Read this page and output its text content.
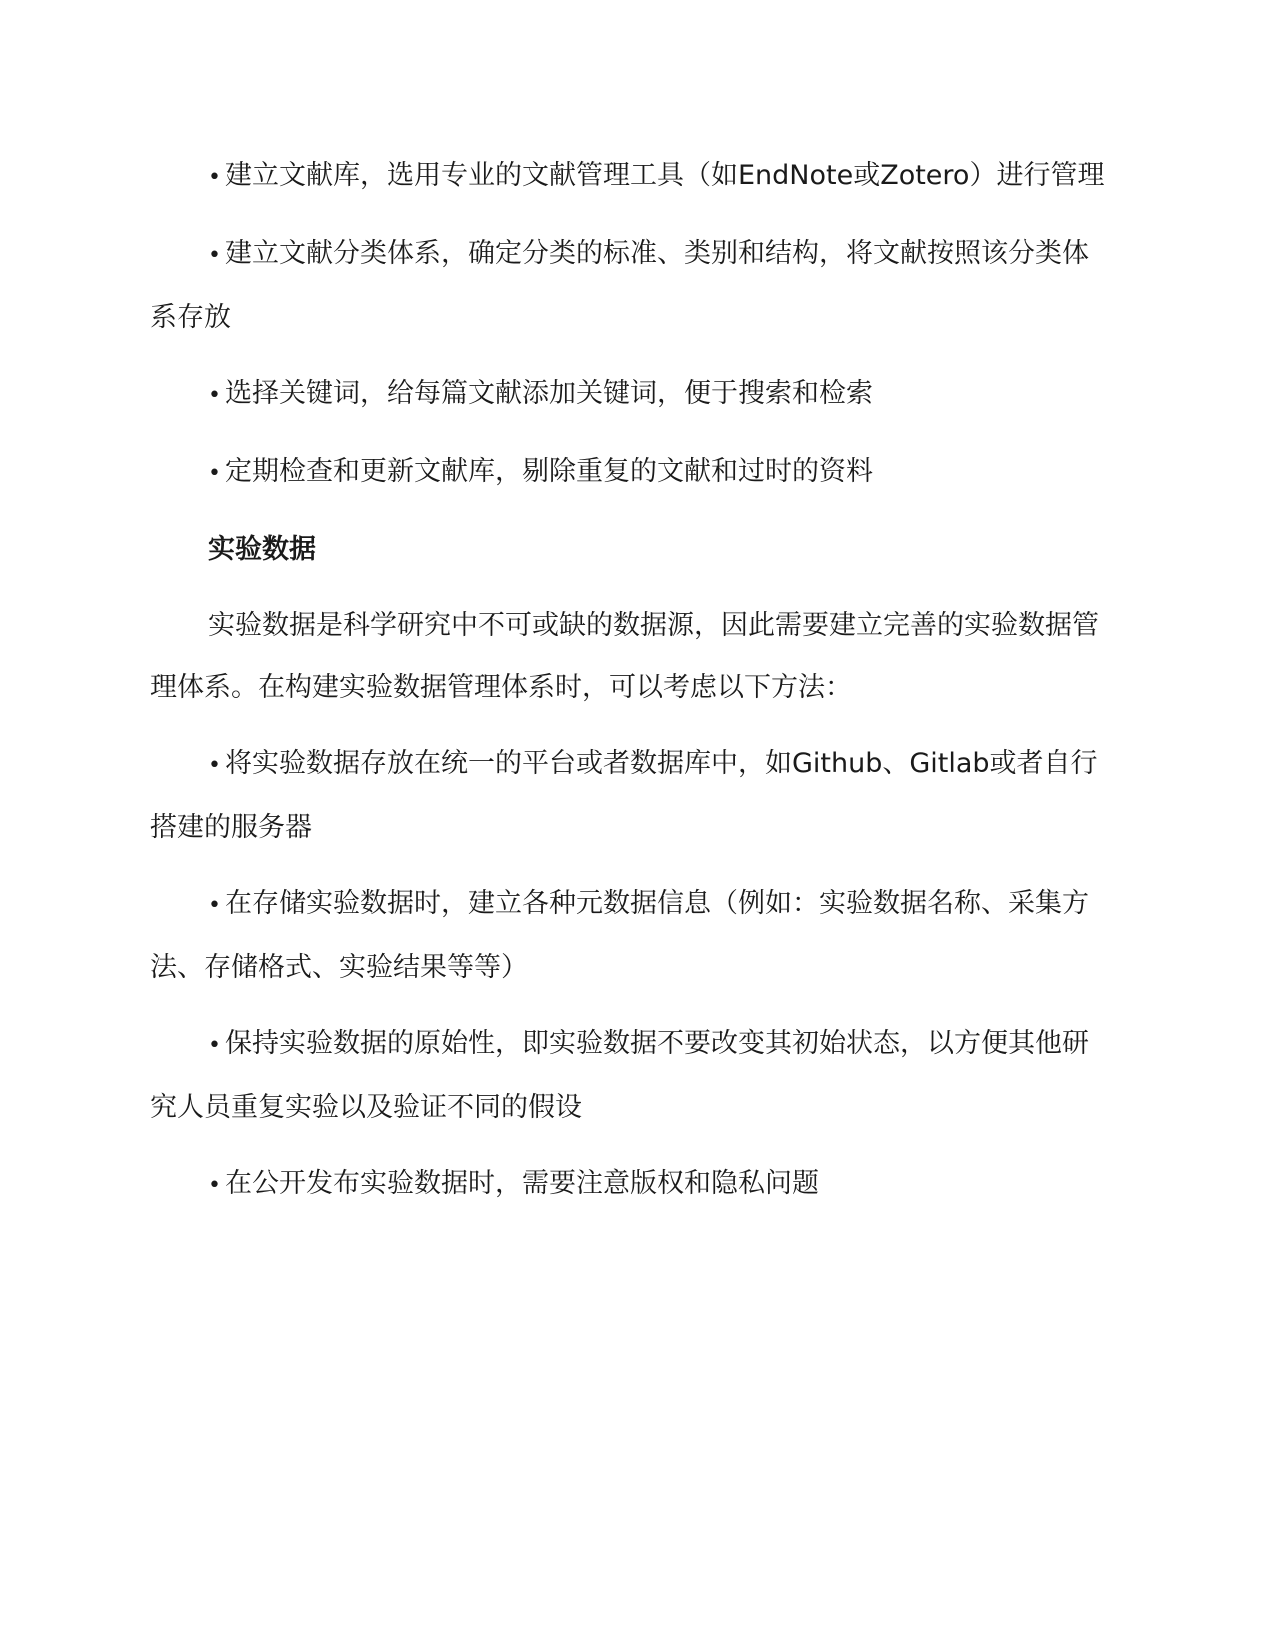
• 建立文献库，选用专业的文献管理工具（如EndNote或Zotero）进行管理

• 建立文献分类体系，确定分类的标准、类别和结构，将文献按照该分类体系存放

• 选择关键词，给每篇文献添加关键词，便于搜索和检索

• 定期检查和更新文献库，剔除重复的文献和过时的资料

实验数据

实验数据是科学研究中不可或缺的数据源，因此需要建立完善的实验数据管理体系。在构建实验数据管理体系时，可以考虑以下方法：

• 将实验数据存放在统一的平台或者数据库中，如Github、Gitlab或者自行搭建的服务器

• 在存储实验数据时，建立各种元数据信息（例如：实验数据名称、采集方法、存储格式、实验结果等等）

• 保持实验数据的原始性，即实验数据不要改变其初始状态，以方便其他研究人员重复实验以及验证不同的假设

• 在公开发布实验数据时，需要注意版权和隐私问题
